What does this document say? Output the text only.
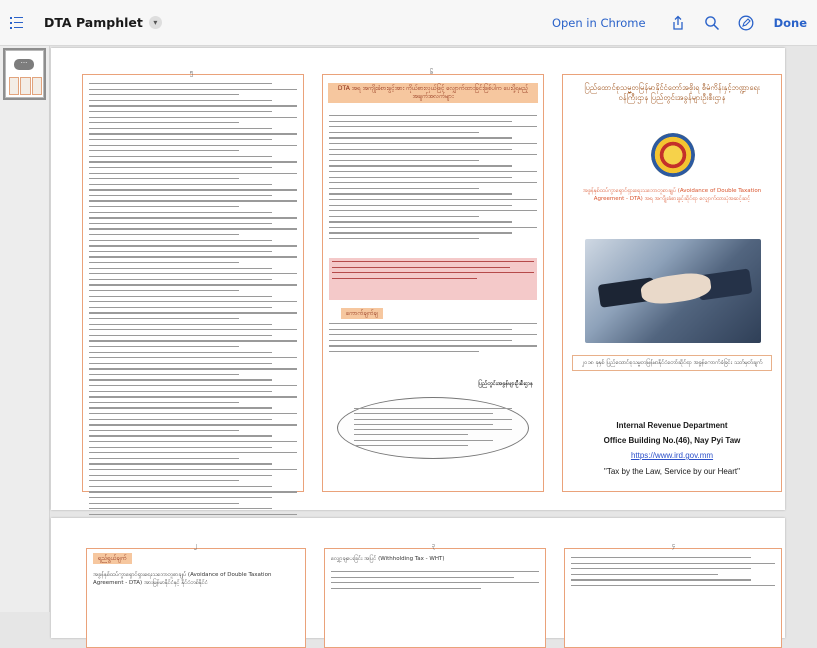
DTA Pamphlet	▾	Open in Chrome	Done
···
၅	၆
DTA အရ အကျိုးခံစားခွင့်အား ကိုယ်စားလှယ်ဖြင့် လျှောက်ထားခြင်းဖြစ်ပါက ပေးပို့ရမည့် အချက်အလက်များ
ကောက်ချက်ချ
ပြည်တွင်းအခွန်များဦးစီးဌာန
ပြည်ထောင်စုသမ္မတမြန်မာနိုင်ငံတော်အစိုးရ စီမံကိန်းနှင့်ဘဏ္ဍာရေးဝန်ကြီးဌာန ပြည်တွင်းအခွန်များဦးစီးဌာန
အခွန်နှစ်ထပ်ကွာရှောင်ရှားရေးသဘောတူစာချုပ် (Avoidance of Double Taxation Agreement - DTA) အရ အကျိုးခံစားခွင့်ဆိုင်ရာ လျှောက်ထားပုံအဆင့်ဆင့်
၂၀၁၈ ခုနှစ် ပြည်ထောင်စုသမ္မတမြန်မာနိုင်ငံတော်ဆိုင်ရာ အခွန်ကောက်ခံခြင်း သတ်မှတ်ချက်
Internal Revenue Department
Office Building No.(46), Nay Pyi Taw
https://www.ird.gov.mm
"Tax by the Law, Service by our Heart"
၂
ရည်ရွယ်ချက်
အခွန်နှစ်ထပ်ကွာရှောင်ရှားရေးသဘောတူစာချုပ် (Avoidance of Double Taxation Agreement - DTA) အားမြန်မာနိုင်ငံနှင့် နိုင်ငံတစ်နိုင်ငံ
၃
လျှော့ချပေးခြင်း အပြင် (Withholding Tax - WHT)
၄
